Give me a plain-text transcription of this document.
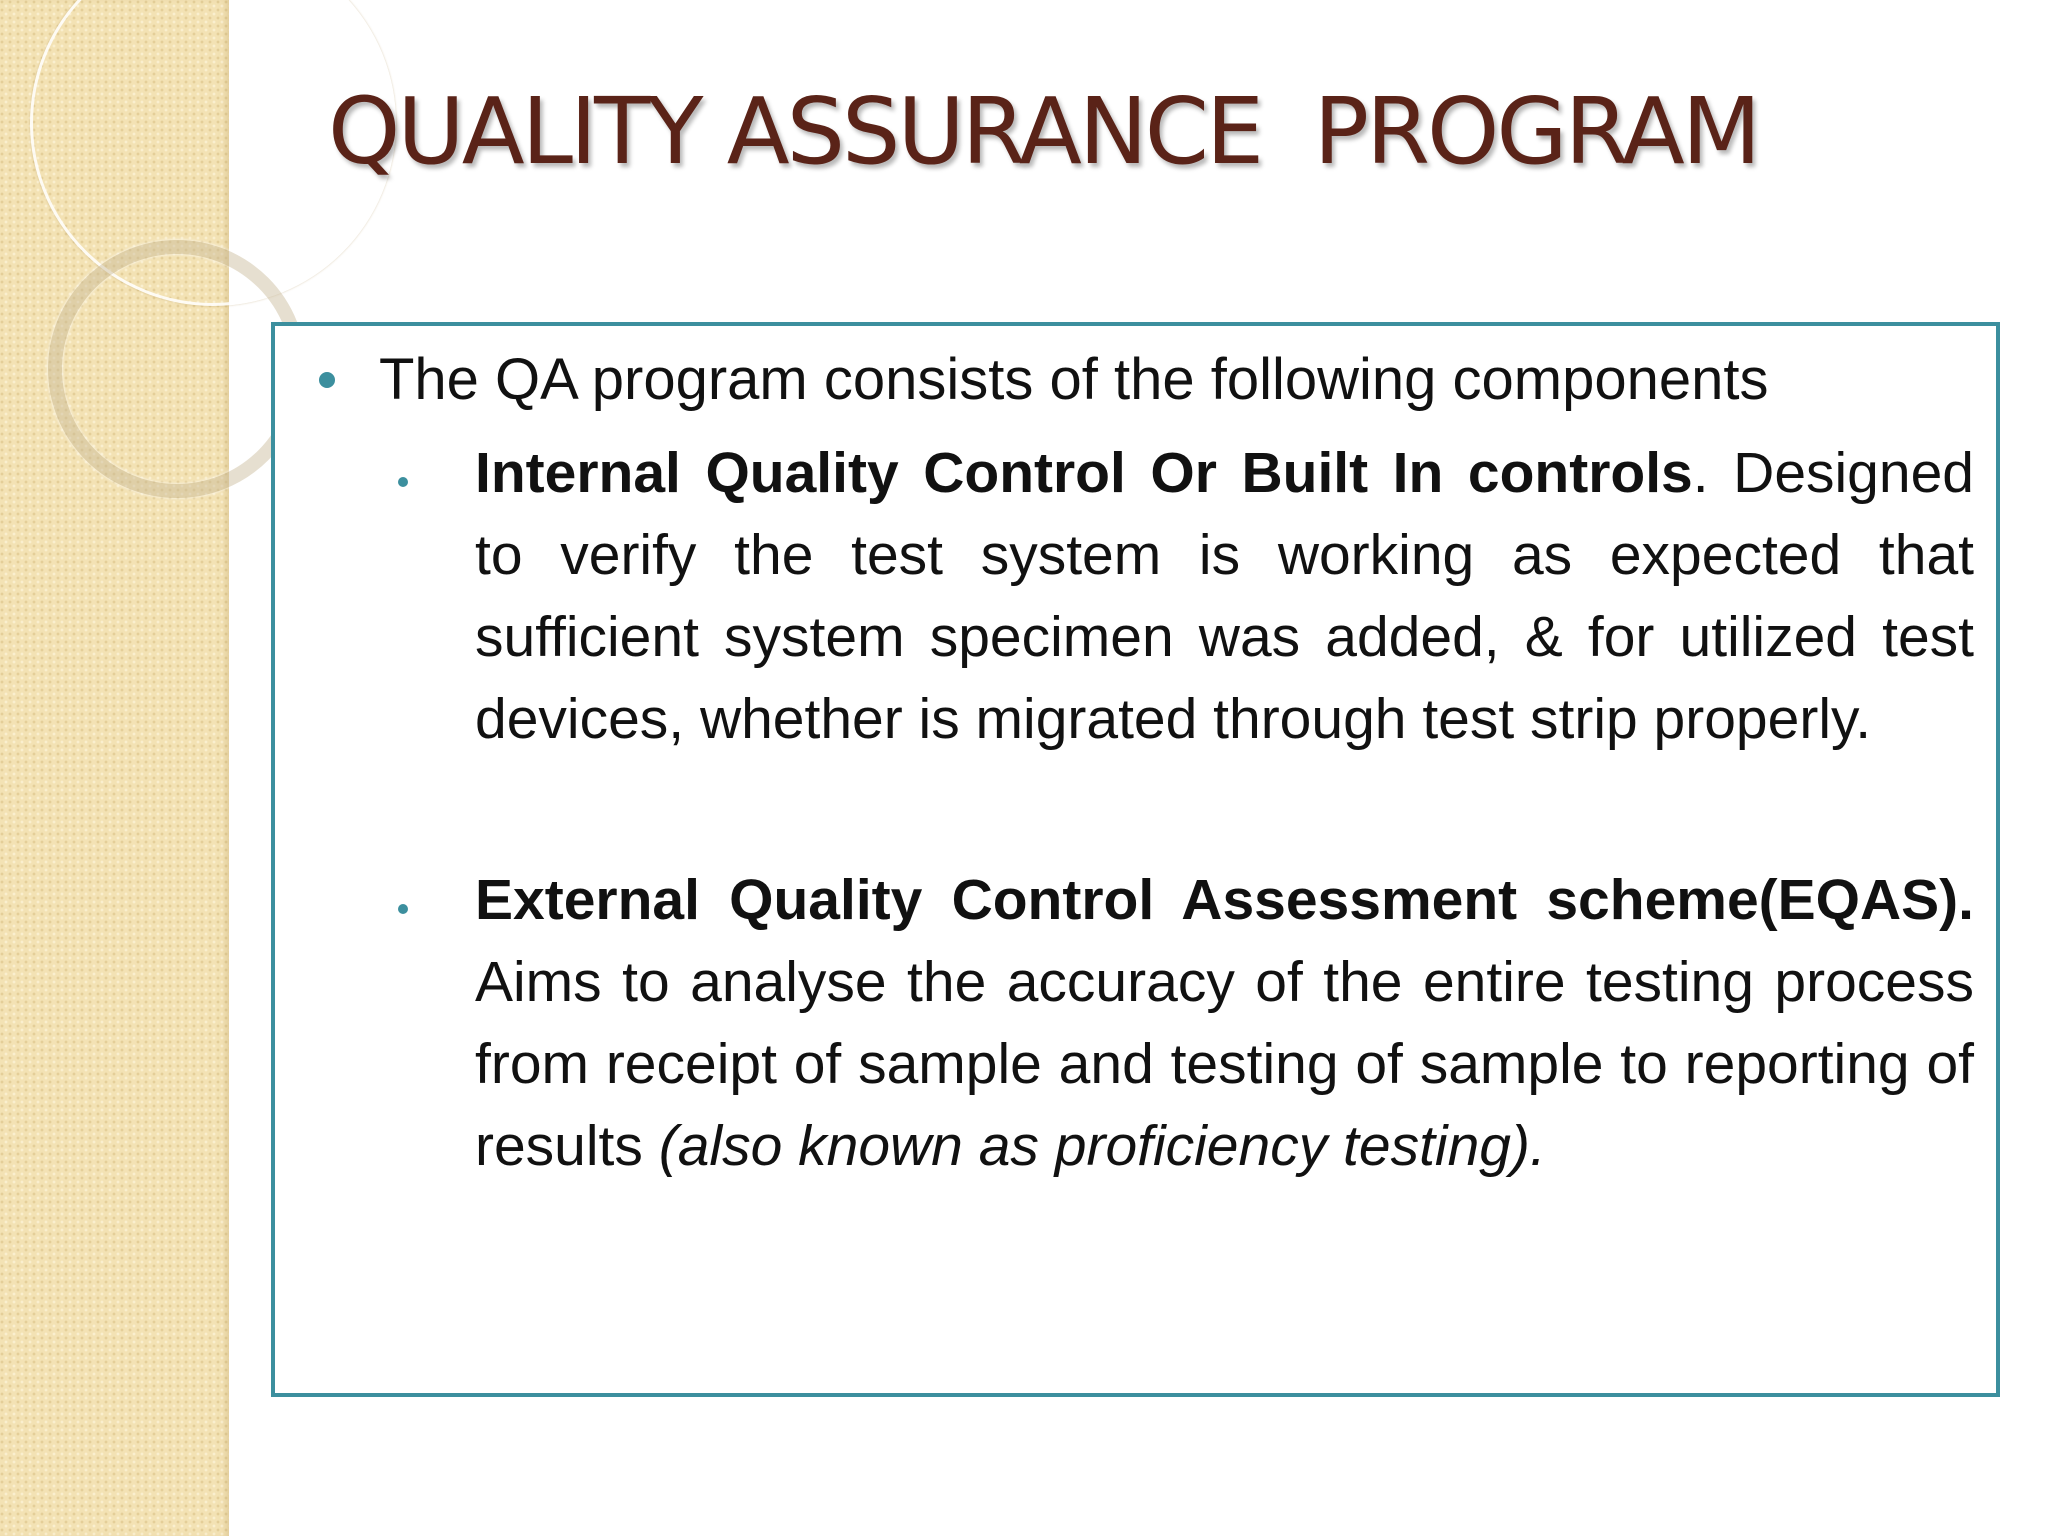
QUALITY ASSURANCE  PROGRAM
The QA program consists of the following components
Internal Quality Control Or Built In controls. Designed to verify the test system is working as expected that sufficient system specimen was added, & for utilized test devices, whether is migrated through test strip properly.
External Quality Control Assessment scheme(EQAS). Aims to analyse the accuracy of the entire testing process from receipt of sample and testing of sample to reporting of results (also known as proficiency testing).
